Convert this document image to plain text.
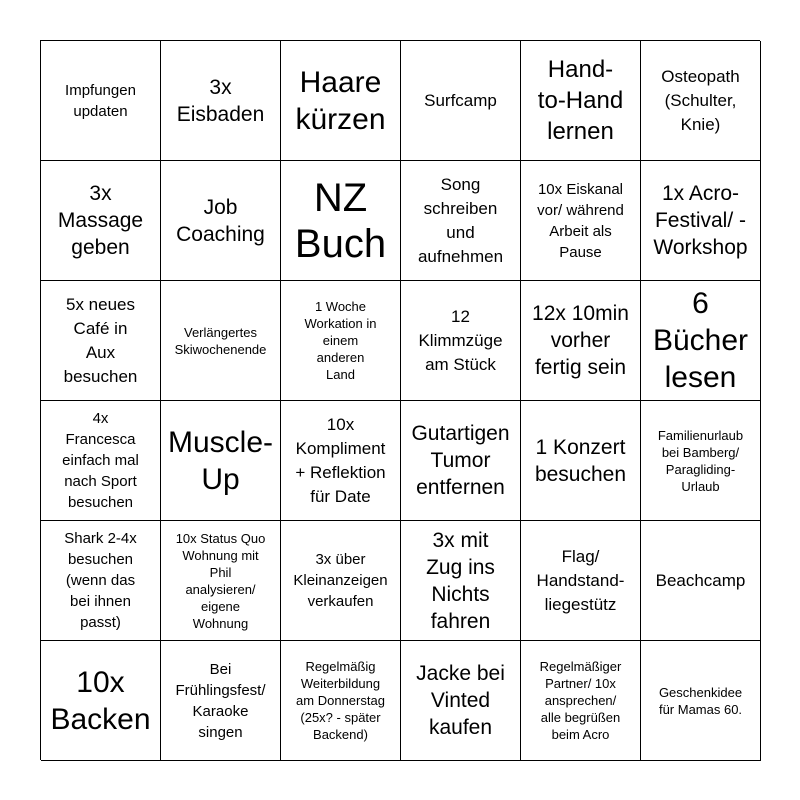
Impfungen
updaten
3x
Eisbaden
Haare
kürzen
Surfcamp
Hand-
to-Hand
lernen
Osteopath
(Schulter,
Knie)
3x
Massage
geben
Job
Coaching
NZ
Buch
Song
schreiben
und
aufnehmen
10x Eiskanal
vor/ während
Arbeit als
Pause
1x Acro-
Festival/ -
Workshop
5x neues
Café in
Aux
besuchen
Verlängertes
Skiwochenende
1 Woche
Workation in
einem
anderen
Land
12
Klimmzüge
am Stück
12x 10min
vorher
fertig sein
6
Bücher
lesen
4x
Francesca
einfach mal
nach Sport
besuchen
Muscle-
Up
10x
Kompliment
+ Reflektion
für Date
Gutartigen
Tumor
entfernen
1 Konzert
besuchen
Familienurlaub
bei Bamberg/
Paragliding-
Urlaub
Shark 2-4x
besuchen
(wenn das
bei ihnen
passt)
10x Status Quo
Wohnung mit
Phil
analysieren/
eigene
Wohnung
3x über
Kleinanzeigen
verkaufen
3x mit
Zug ins
Nichts
fahren
Flag/
Handstand-
liegestütz
Beachcamp
10x
Backen
Bei
Frühlingsfest/
Karaoke
singen
Regelmäßig
Weiterbildung
am Donnerstag
(25x? - später
Backend)
Jacke bei
Vinted
kaufen
Regelmäßiger
Partner/ 10x
ansprechen/
alle begrüßen
beim Acro
Geschenkidee
für Mamas 60.
